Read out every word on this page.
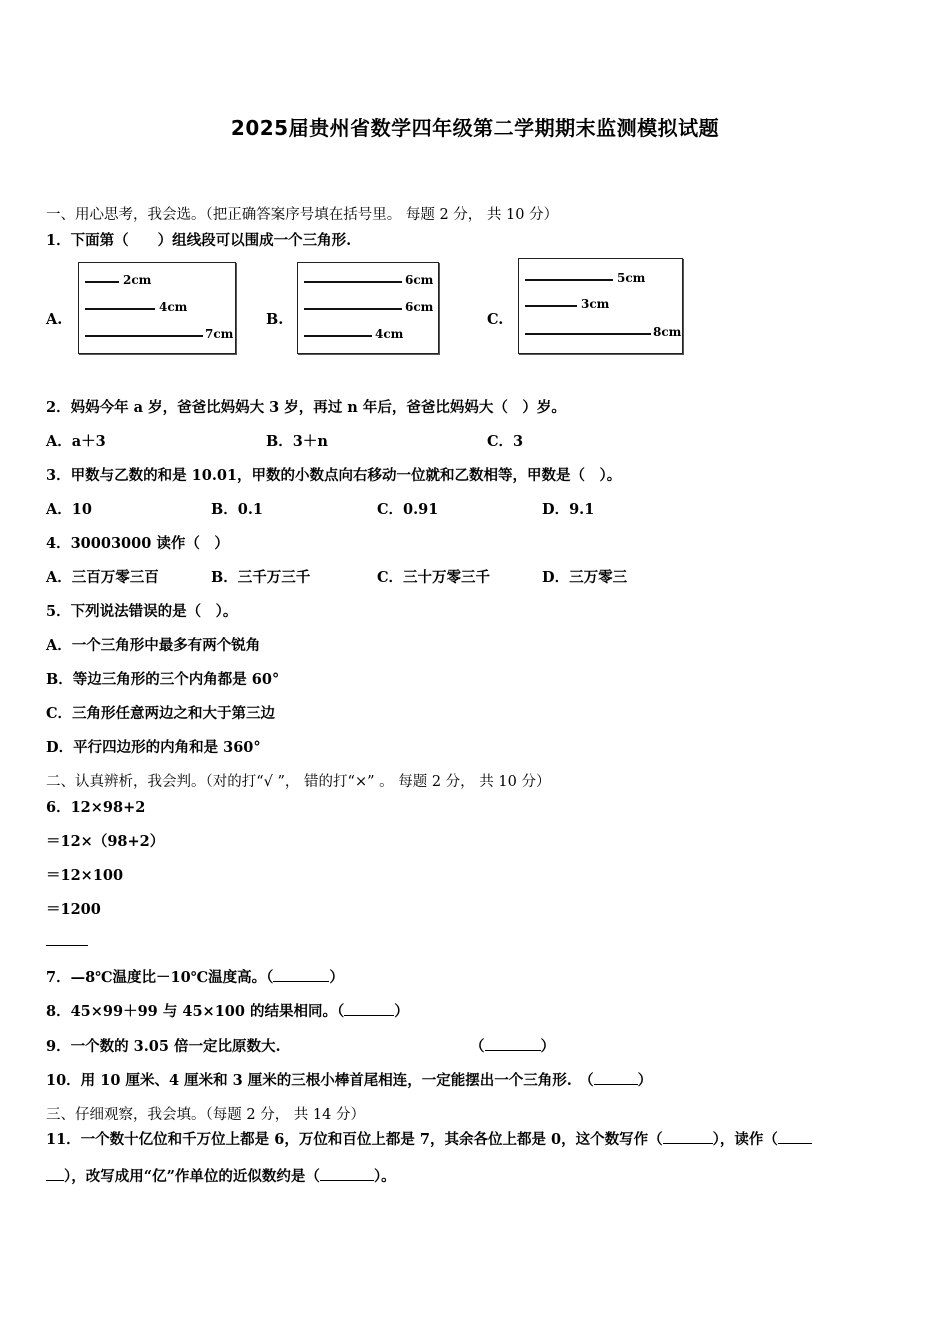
2025届贵州省数学四年级第二学期期末监测模拟试题
一、用心思考，我会选。（把正确答案序号填在括号里。 每题 2 分， 共 10 分）
1．下面第（　　）组线段可以围成一个三角形.
A.
2cm
4cm
7cm
B.
6cm
6cm
4cm
C.
5cm
3cm
8cm
2．妈妈今年 a 岁，爸爸比妈妈大 3 岁，再过 n 年后，爸爸比妈妈大（　）岁。
A．a＋3	B．3＋n	C．3
3．甲数与乙数的和是 10.01，甲数的小数点向右移动一位就和乙数相等，甲数是（　）。
A．10	B．0.1	C．0.91	D．9.1
4．30003000 读作（　）
A．三百万零三百	B．三千万三千	C．三十万零三千	D．三万零三
5．下列说法错误的是（　）。
A．一个三角形中最多有两个锐角
B．等边三角形的三个内角都是 60°
C．三角形任意两边之和大于第三边
D．平行四边形的内角和是 360°
二、认真辨析，我会判。（对的打“√ ”， 错的打“×” 。 每题 2 分， 共 10 分）
6．12×98+2
＝12×（98+2）
＝12×100
＝1200
7．—8℃温度比－10℃温度高。（	）
8．45×99＋99 与 45×100 的结果相同。（	）
9．一个数的 3.05 倍一定比原数大.	（	）
10．用 10 厘米、4 厘米和 3 厘米的三根小棒首尾相连，一定能摆出一个三角形.　（	）
三、仔细观察，我会填。（每题 2 分， 共 14 分）
11．一个数十亿位和千万位上都是 6，万位和百位上都是 7，其余各位上都是 0，这个数写作（	），读作（
），改写成用“亿”作单位的近似数约是（	）。
